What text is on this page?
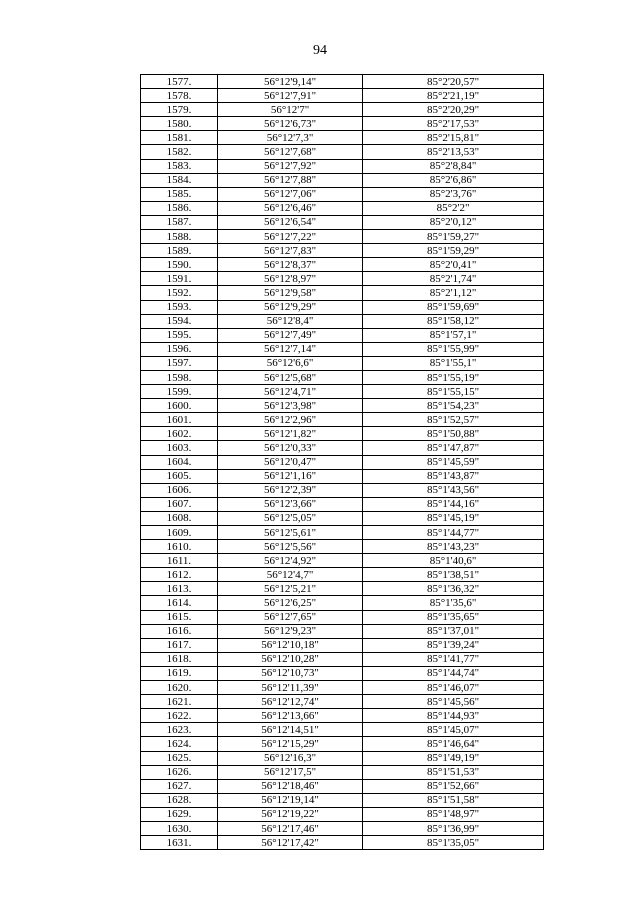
94
1577.	56°12'9,14"	85°2'20,57"
1578.	56°12'7,91"	85°2'21,19"
1579.	56°12'7"	85°2'20,29"
1580.	56°12'6,73"	85°2'17,53"
1581.	56°12'7,3"	85°2'15,81"
1582.	56°12'7,68"	85°2'13,53"
1583.	56°12'7,92"	85°2'8,84"
1584.	56°12'7,88"	85°2'6,86"
1585.	56°12'7,06"	85°2'3,76"
1586.	56°12'6,46"	85°2'2"
1587.	56°12'6,54"	85°2'0,12"
1588.	56°12'7,22"	85°1'59,27"
1589.	56°12'7,83"	85°1'59,29"
1590.	56°12'8,37"	85°2'0,41"
1591.	56°12'8,97"	85°2'1,74"
1592.	56°12'9,58"	85°2'1,12"
1593.	56°12'9,29"	85°1'59,69"
1594.	56°12'8,4"	85°1'58,12"
1595.	56°12'7,49"	85°1'57,1"
1596.	56°12'7,14"	85°1'55,99"
1597.	56°12'6,6"	85°1'55,1"
1598.	56°12'5,68"	85°1'55,19"
1599.	56°12'4,71"	85°1'55,15"
1600.	56°12'3,98"	85°1'54,23"
1601.	56°12'2,96"	85°1'52,57"
1602.	56°12'1,82"	85°1'50,88"
1603.	56°12'0,33"	85°1'47,87"
1604.	56°12'0,47"	85°1'45,59"
1605.	56°12'1,16"	85°1'43,87"
1606.	56°12'2,39"	85°1'43,56"
1607.	56°12'3,66"	85°1'44,16"
1608.	56°12'5,05"	85°1'45,19"
1609.	56°12'5,61"	85°1'44,77"
1610.	56°12'5,56"	85°1'43,23"
1611.	56°12'4,92"	85°1'40,6"
1612.	56°12'4,7"	85°1'38,51"
1613.	56°12'5,21"	85°1'36,32"
1614.	56°12'6,25"	85°1'35,6"
1615.	56°12'7,65"	85°1'35,65"
1616.	56°12'9,23"	85°1'37,01"
1617.	56°12'10,18"	85°1'39,24"
1618.	56°12'10,28"	85°1'41,77"
1619.	56°12'10,73"	85°1'44,74"
1620.	56°12'11,39"	85°1'46,07"
1621.	56°12'12,74"	85°1'45,56"
1622.	56°12'13,66"	85°1'44,93"
1623.	56°12'14,51"	85°1'45,07"
1624.	56°12'15,29"	85°1'46,64"
1625.	56°12'16,3"	85°1'49,19"
1626.	56°12'17,5"	85°1'51,53"
1627.	56°12'18,46"	85°1'52,66"
1628.	56°12'19,14"	85°1'51,58"
1629.	56°12'19,22"	85°1'48,97"
1630.	56°12'17,46"	85°1'36,99"
1631.	56°12'17,42"	85°1'35,05"
